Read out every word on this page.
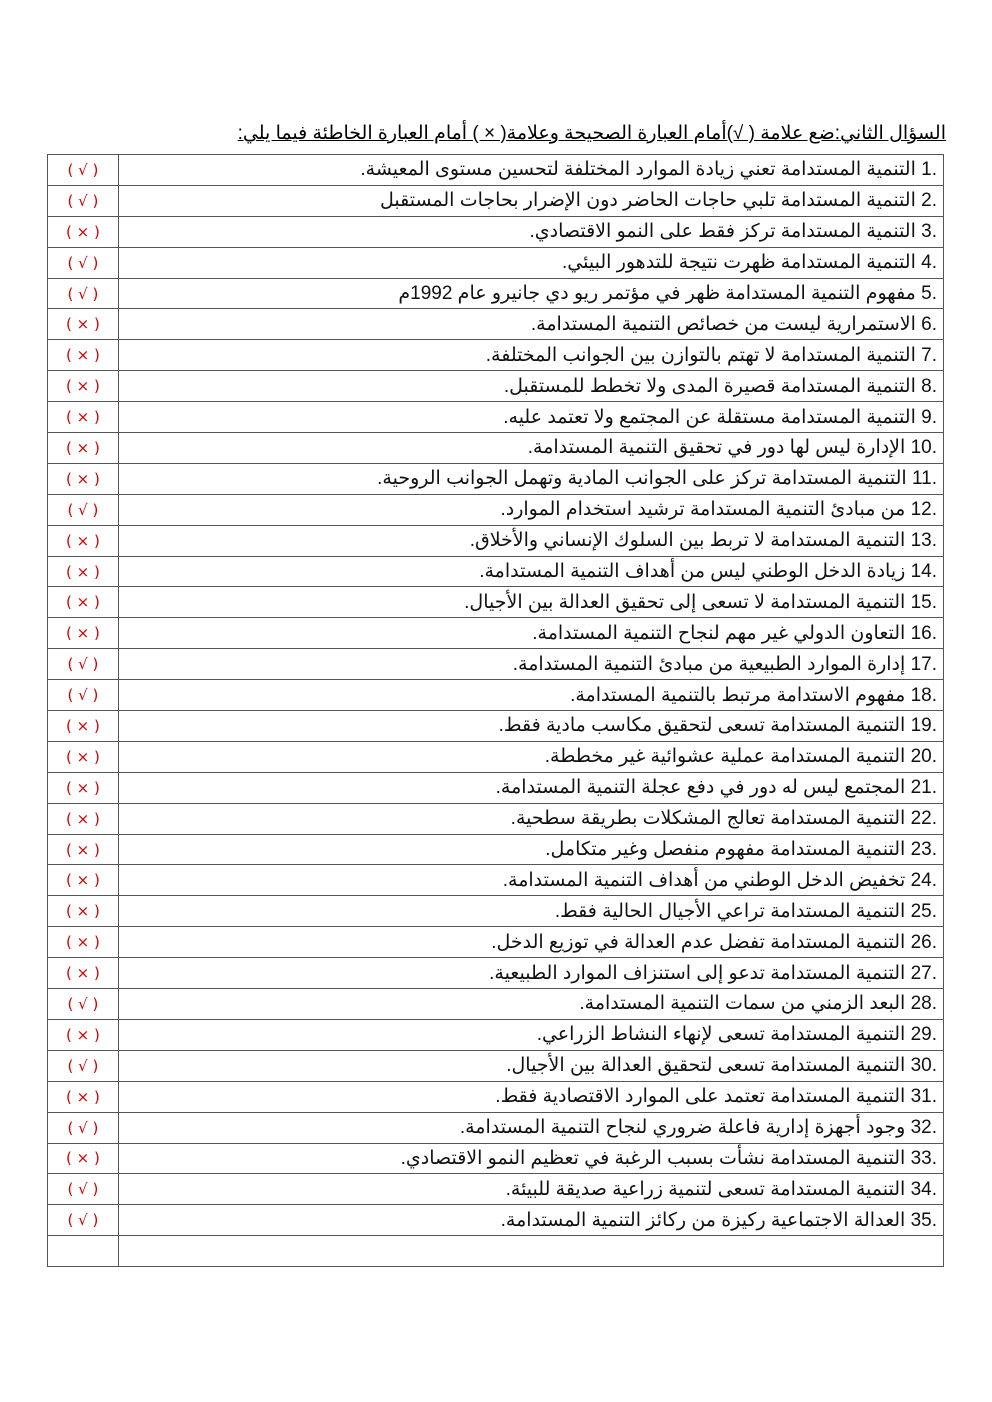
السؤال الثاني:ضع علامة ( √)أمام العبارة الصحيحة وعلامة( × ) أمام العبارة الخاطئة فيما يلي:
1. التنمية المستدامة تعني زيادة الموارد المختلفة لتحسين مستوى المعيشة.	( √ )
2. التنمية المستدامة تلبي حاجات الحاضر دون الإضرار بحاجات المستقبل	( √ )
3. التنمية المستدامة تركز فقط على النمو الاقتصادي.	( × )
4. التنمية المستدامة ظهرت نتيجة للتدهور البيئي.	( √ )
5. مفهوم التنمية المستدامة ظهر في مؤتمر ريو دي جانيرو عام 1992م	( √ )
6. الاستمرارية ليست من خصائص التنمية المستدامة.	( × )
7. التنمية المستدامة لا تهتم بالتوازن بين الجوانب المختلفة.	( × )
8. التنمية المستدامة قصيرة المدى ولا تخطط للمستقبل.	( × )
9. التنمية المستدامة مستقلة عن المجتمع ولا تعتمد عليه.	( × )
10. الإدارة ليس لها دور في تحقيق التنمية المستدامة.	( × )
11. التنمية المستدامة تركز على الجوانب المادية وتهمل الجوانب الروحية.	( × )
12. من مبادئ التنمية المستدامة ترشيد استخدام الموارد.	( √ )
13. التنمية المستدامة لا تربط بين السلوك الإنساني والأخلاق.	( × )
14. زيادة الدخل الوطني ليس من أهداف التنمية المستدامة.	( × )
15. التنمية المستدامة لا تسعى إلى تحقيق العدالة بين الأجيال.	( × )
16. التعاون الدولي غير مهم لنجاح التنمية المستدامة.	( × )
17. إدارة الموارد الطبيعية من مبادئ التنمية المستدامة.	( √ )
18. مفهوم الاستدامة مرتبط بالتنمية المستدامة.	( √ )
19. التنمية المستدامة تسعى لتحقيق مكاسب مادية فقط.	( × )
20. التنمية المستدامة عملية عشوائية غير مخططة.	( × )
21. المجتمع ليس له دور في دفع عجلة التنمية المستدامة.	( × )
22. التنمية المستدامة تعالج المشكلات بطريقة سطحية.	( × )
23. التنمية المستدامة مفهوم منفصل وغير متكامل.	( × )
24. تخفيض الدخل الوطني من أهداف التنمية المستدامة.	( × )
25. التنمية المستدامة تراعي الأجيال الحالية فقط.	( × )
26. التنمية المستدامة تفضل عدم العدالة في توزيع الدخل.	( × )
27. التنمية المستدامة تدعو إلى استنزاف الموارد الطبيعية.	( × )
28. البعد الزمني من سمات التنمية المستدامة.	( √ )
29. التنمية المستدامة تسعى لإنهاء النشاط الزراعي.	( × )
30. التنمية المستدامة تسعى لتحقيق العدالة بين الأجيال.	( √ )
31. التنمية المستدامة تعتمد على الموارد الاقتصادية فقط.	( × )
32. وجود أجهزة إدارية فاعلة ضروري لنجاح التنمية المستدامة.	( √ )
33. التنمية المستدامة نشأت بسبب الرغبة في تعظيم النمو الاقتصادي.	( × )
34. التنمية المستدامة تسعى لتنمية زراعية صديقة للبيئة.	( √ )
35. العدالة الاجتماعية ركيزة من ركائز التنمية المستدامة.	( √ )
